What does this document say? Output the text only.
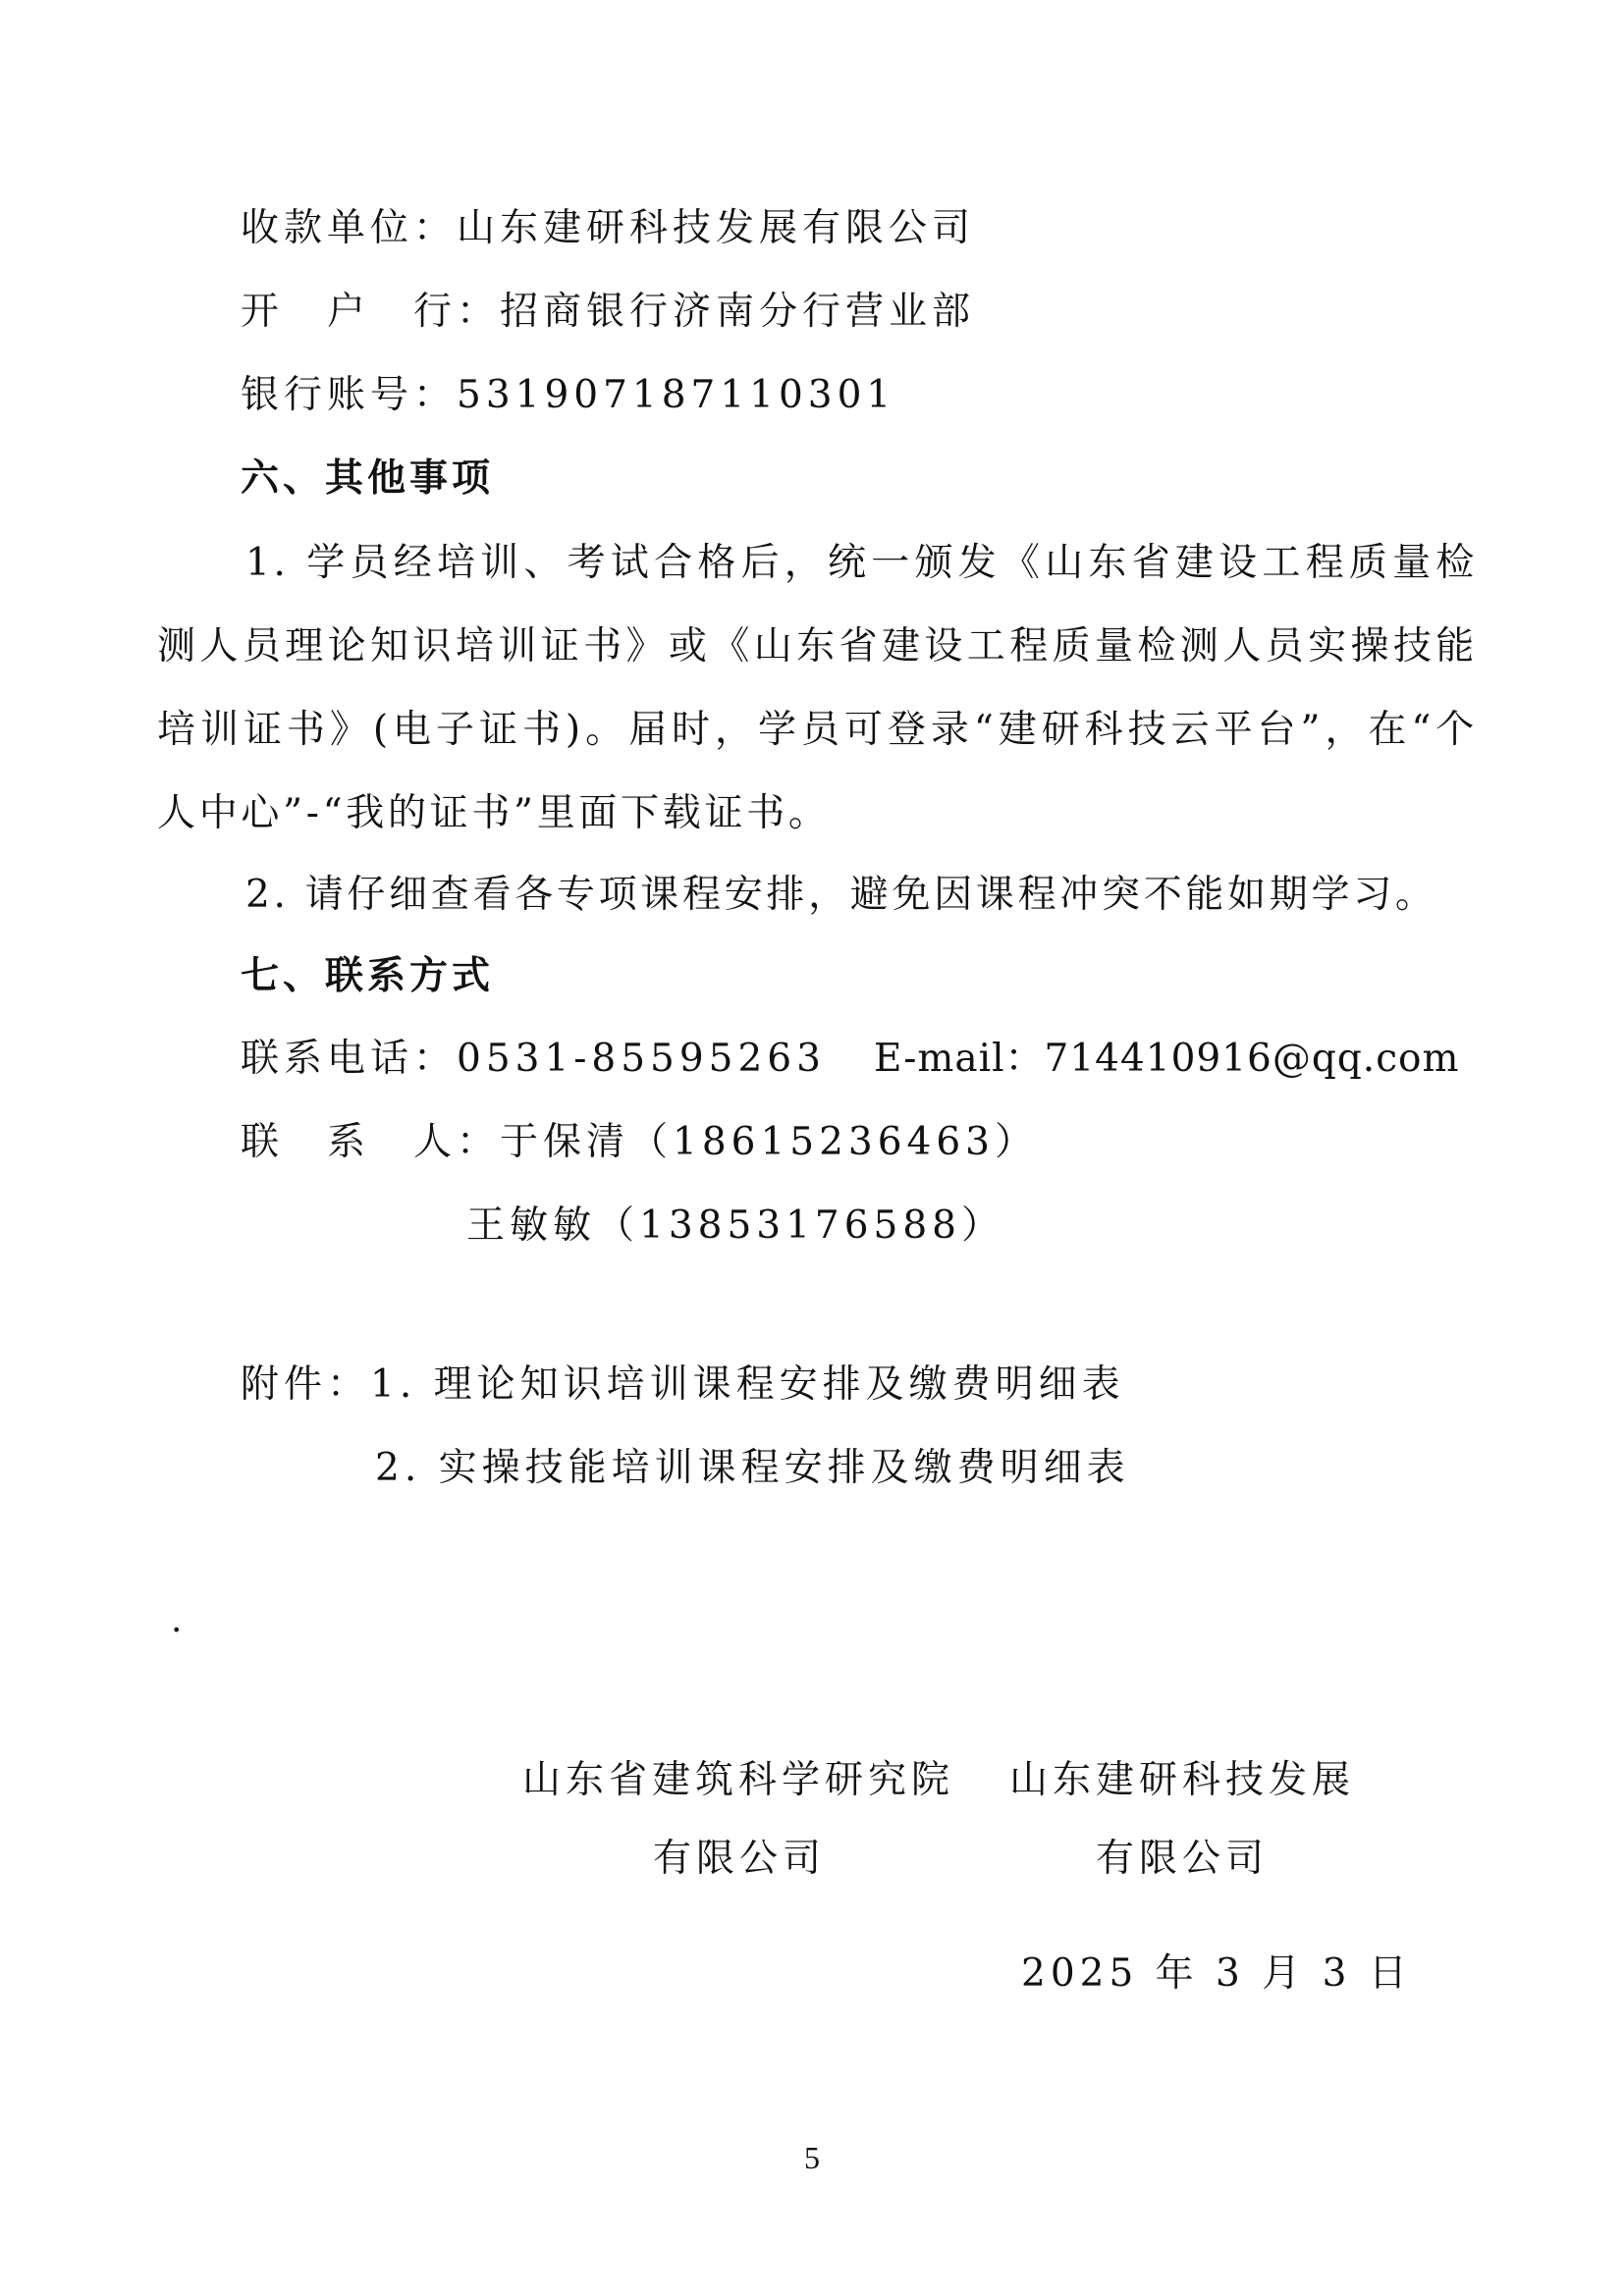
收款单位：山东建研科技发展有限公司
开　户　行：招商银行济南分行营业部
银行账号：531907187110301
六、其他事项
1. 学员经培训、考试合格后，统一颁发《山东省建设工程质量检测人员理论知识培训证书》或《山东省建设工程质量检测人员实操技能培训证书》(电子证书)。届时，学员可登录“建研科技云平台”，在“个人中心”-“我的证书”里面下载证书。
2. 请仔细查看各专项课程安排，避免因课程冲突不能如期学习。
七、联系方式
联系电话：0531-85595263 E-mail：714410916@qq.com
联　系　人：于保清（18615236463）
王敏敏（13853176588）
附件：1. 理论知识培训课程安排及缴费明细表
2. 实操技能培训课程安排及缴费明细表
.
山东省建筑科学研究院
有限公司
山东建研科技发展
有限公司
2025 年 3 月 3 日
5
